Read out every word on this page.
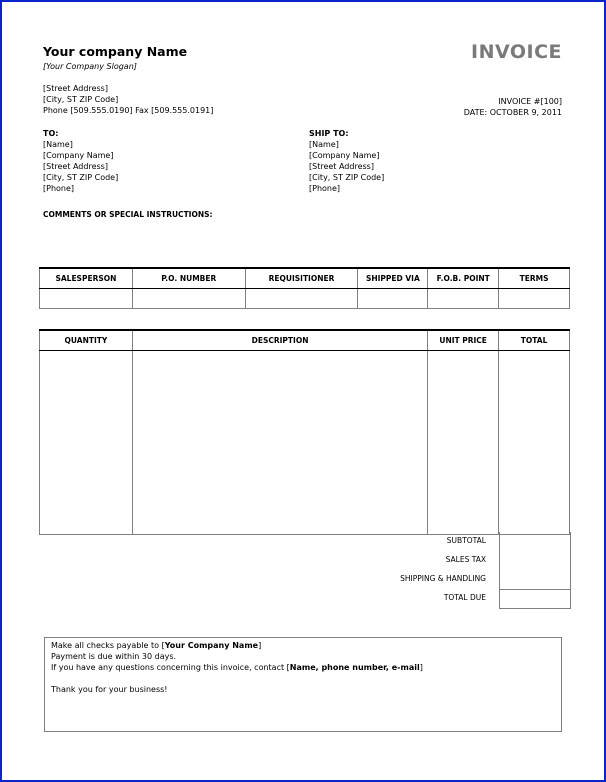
Your company Name
[Your Company Slogan]
INVOICE
[Street Address]
[City, ST ZIP Code]
Phone [509.555.0190] Fax [509.555.0191]
INVOICE #[100]
DATE: OCTOBER 9, 2011
TO:
[Name]
[Company Name]
[Street Address]
[City, ST ZIP Code]
[Phone]
SHIP TO:
[Name]
[Company Name]
[Street Address]
[City, ST ZIP Code]
[Phone]
COMMENTS OR SPECIAL INSTRUCTIONS:
SALESPERSON	P.O. NUMBER	REQUISITIONER	SHIPPED VIA	F.O.B. POINT	TERMS

QUANTITY	DESCRIPTION	UNIT PRICE	TOTAL

SUBTOTAL
SALES TAX
SHIPPING & HANDLING
TOTAL DUE
Make all checks payable to [Your Company Name]
Payment is due within 30 days.
If you have any questions concerning this invoice, contact [Name, phone number, e-mail]
Thank you for your business!
